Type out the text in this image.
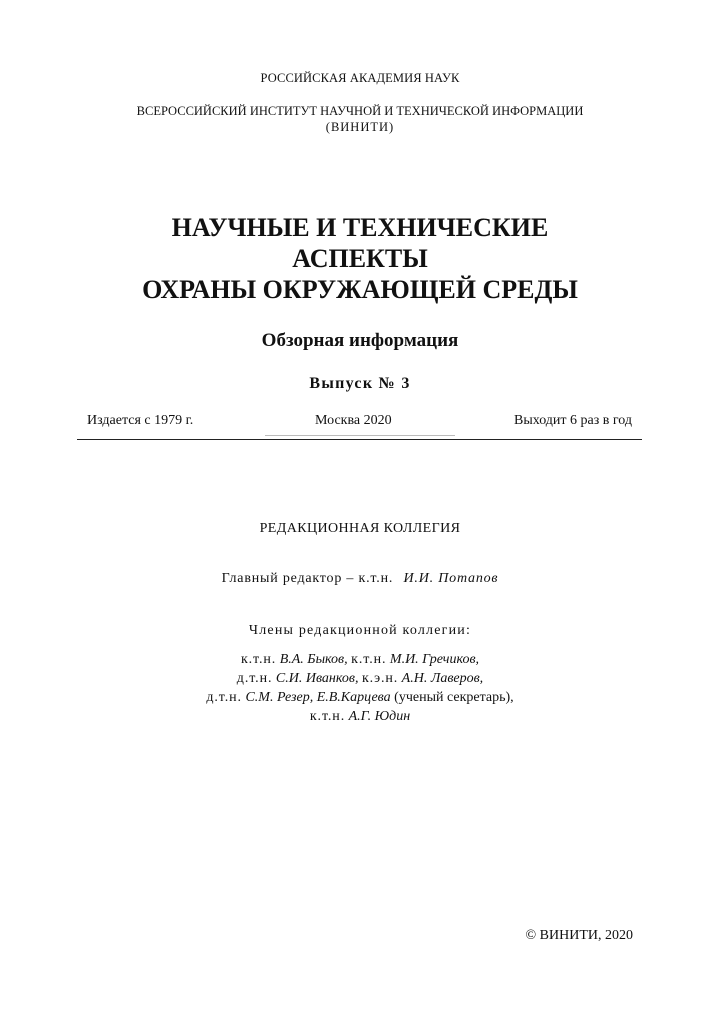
РОССИЙСКАЯ АКАДЕМИЯ НАУК
ВСЕРОССИЙСКИЙ ИНСТИТУТ НАУЧНОЙ И ТЕХНИЧЕСКОЙ ИНФОРМАЦИИ
(ВИНИТИ)
НАУЧНЫЕ И ТЕХНИЧЕСКИЕ
АСПЕКТЫ
ОХРАНЫ ОКРУЖАЮЩЕЙ СРЕДЫ
Обзорная информация
Выпуск № 3
Издается с 1979 г.	Москва 2020	Выходит 6 раз в год
РЕДАКЦИОННАЯ КОЛЛЕГИЯ
Главный редактор – к.т.н. И.И. Потапов
Члены редакционной коллегии:
к.т.н. В.А. Быков, к.т.н. М.И. Гречиков,
д.т.н. С.И. Иванков, к.э.н. А.Н. Лаверов,
д.т.н. С.М. Резер, Е.В.Карцева (ученый секретарь),
к.т.н. А.Г. Юдин
© ВИНИТИ, 2020
